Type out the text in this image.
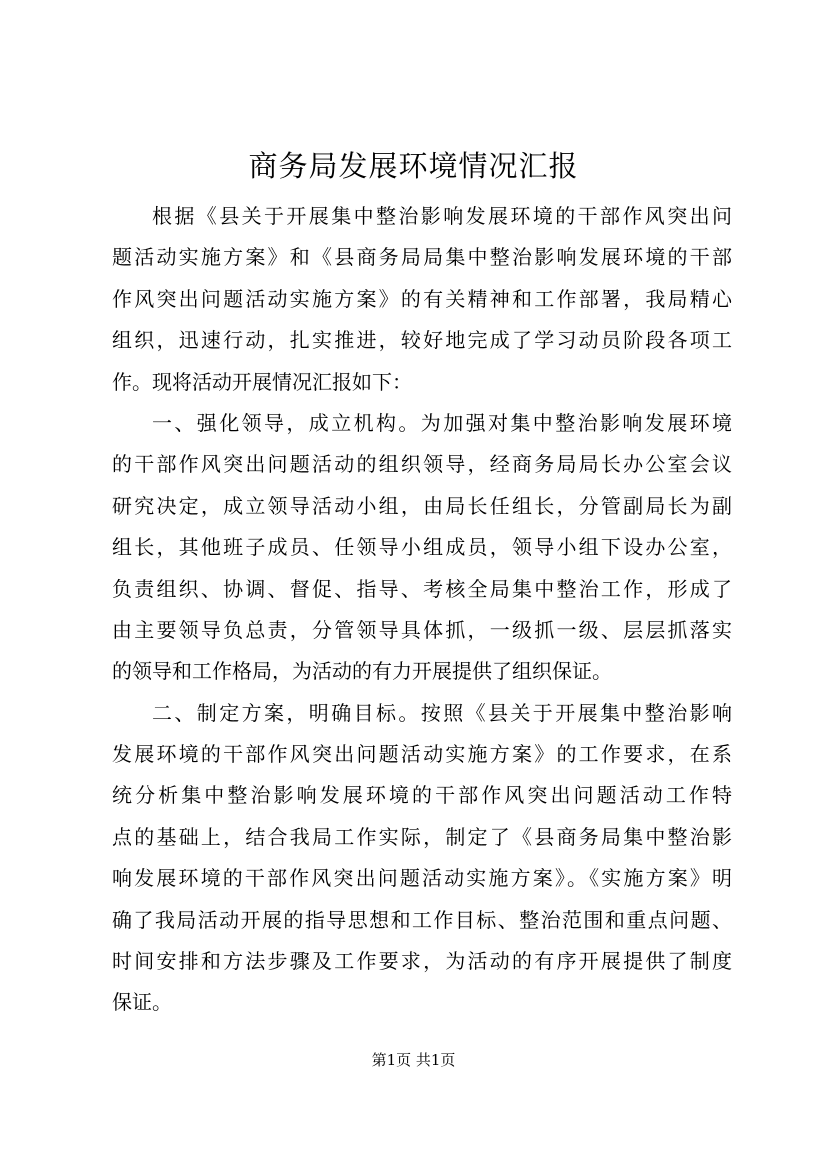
商务局发展环境情况汇报
根据《县关于开展集中整治影响发展环境的干部作风突出问
题活动实施方案》和《县商务局局集中整治影响发展环境的干部
作风突出问题活动实施方案》的有关精神和工作部署，我局精心
组织，迅速行动，扎实推进，较好地完成了学习动员阶段各项工
作。现将活动开展情况汇报如下：
一、强化领导，成立机构。为加强对集中整治影响发展环境
的干部作风突出问题活动的组织领导，经商务局局长办公室会议
研究决定，成立领导活动小组，由局长任组长，分管副局长为副
组长，其他班子成员、任领导小组成员，领导小组下设办公室，
负责组织、协调、督促、指导、考核全局集中整治工作，形成了
由主要领导负总责，分管领导具体抓，一级抓一级、层层抓落实
的领导和工作格局，为活动的有力开展提供了组织保证。
二、制定方案，明确目标。按照《县关于开展集中整治影响
发展环境的干部作风突出问题活动实施方案》的工作要求，在系
统分析集中整治影响发展环境的干部作风突出问题活动工作特
点的基础上，结合我局工作实际，制定了《县商务局集中整治影
响发展环境的干部作风突出问题活动实施方案》。《实施方案》明
确了我局活动开展的指导思想和工作目标、整治范围和重点问题、
时间安排和方法步骤及工作要求，为活动的有序开展提供了制度
保证。
第1页 共1页
